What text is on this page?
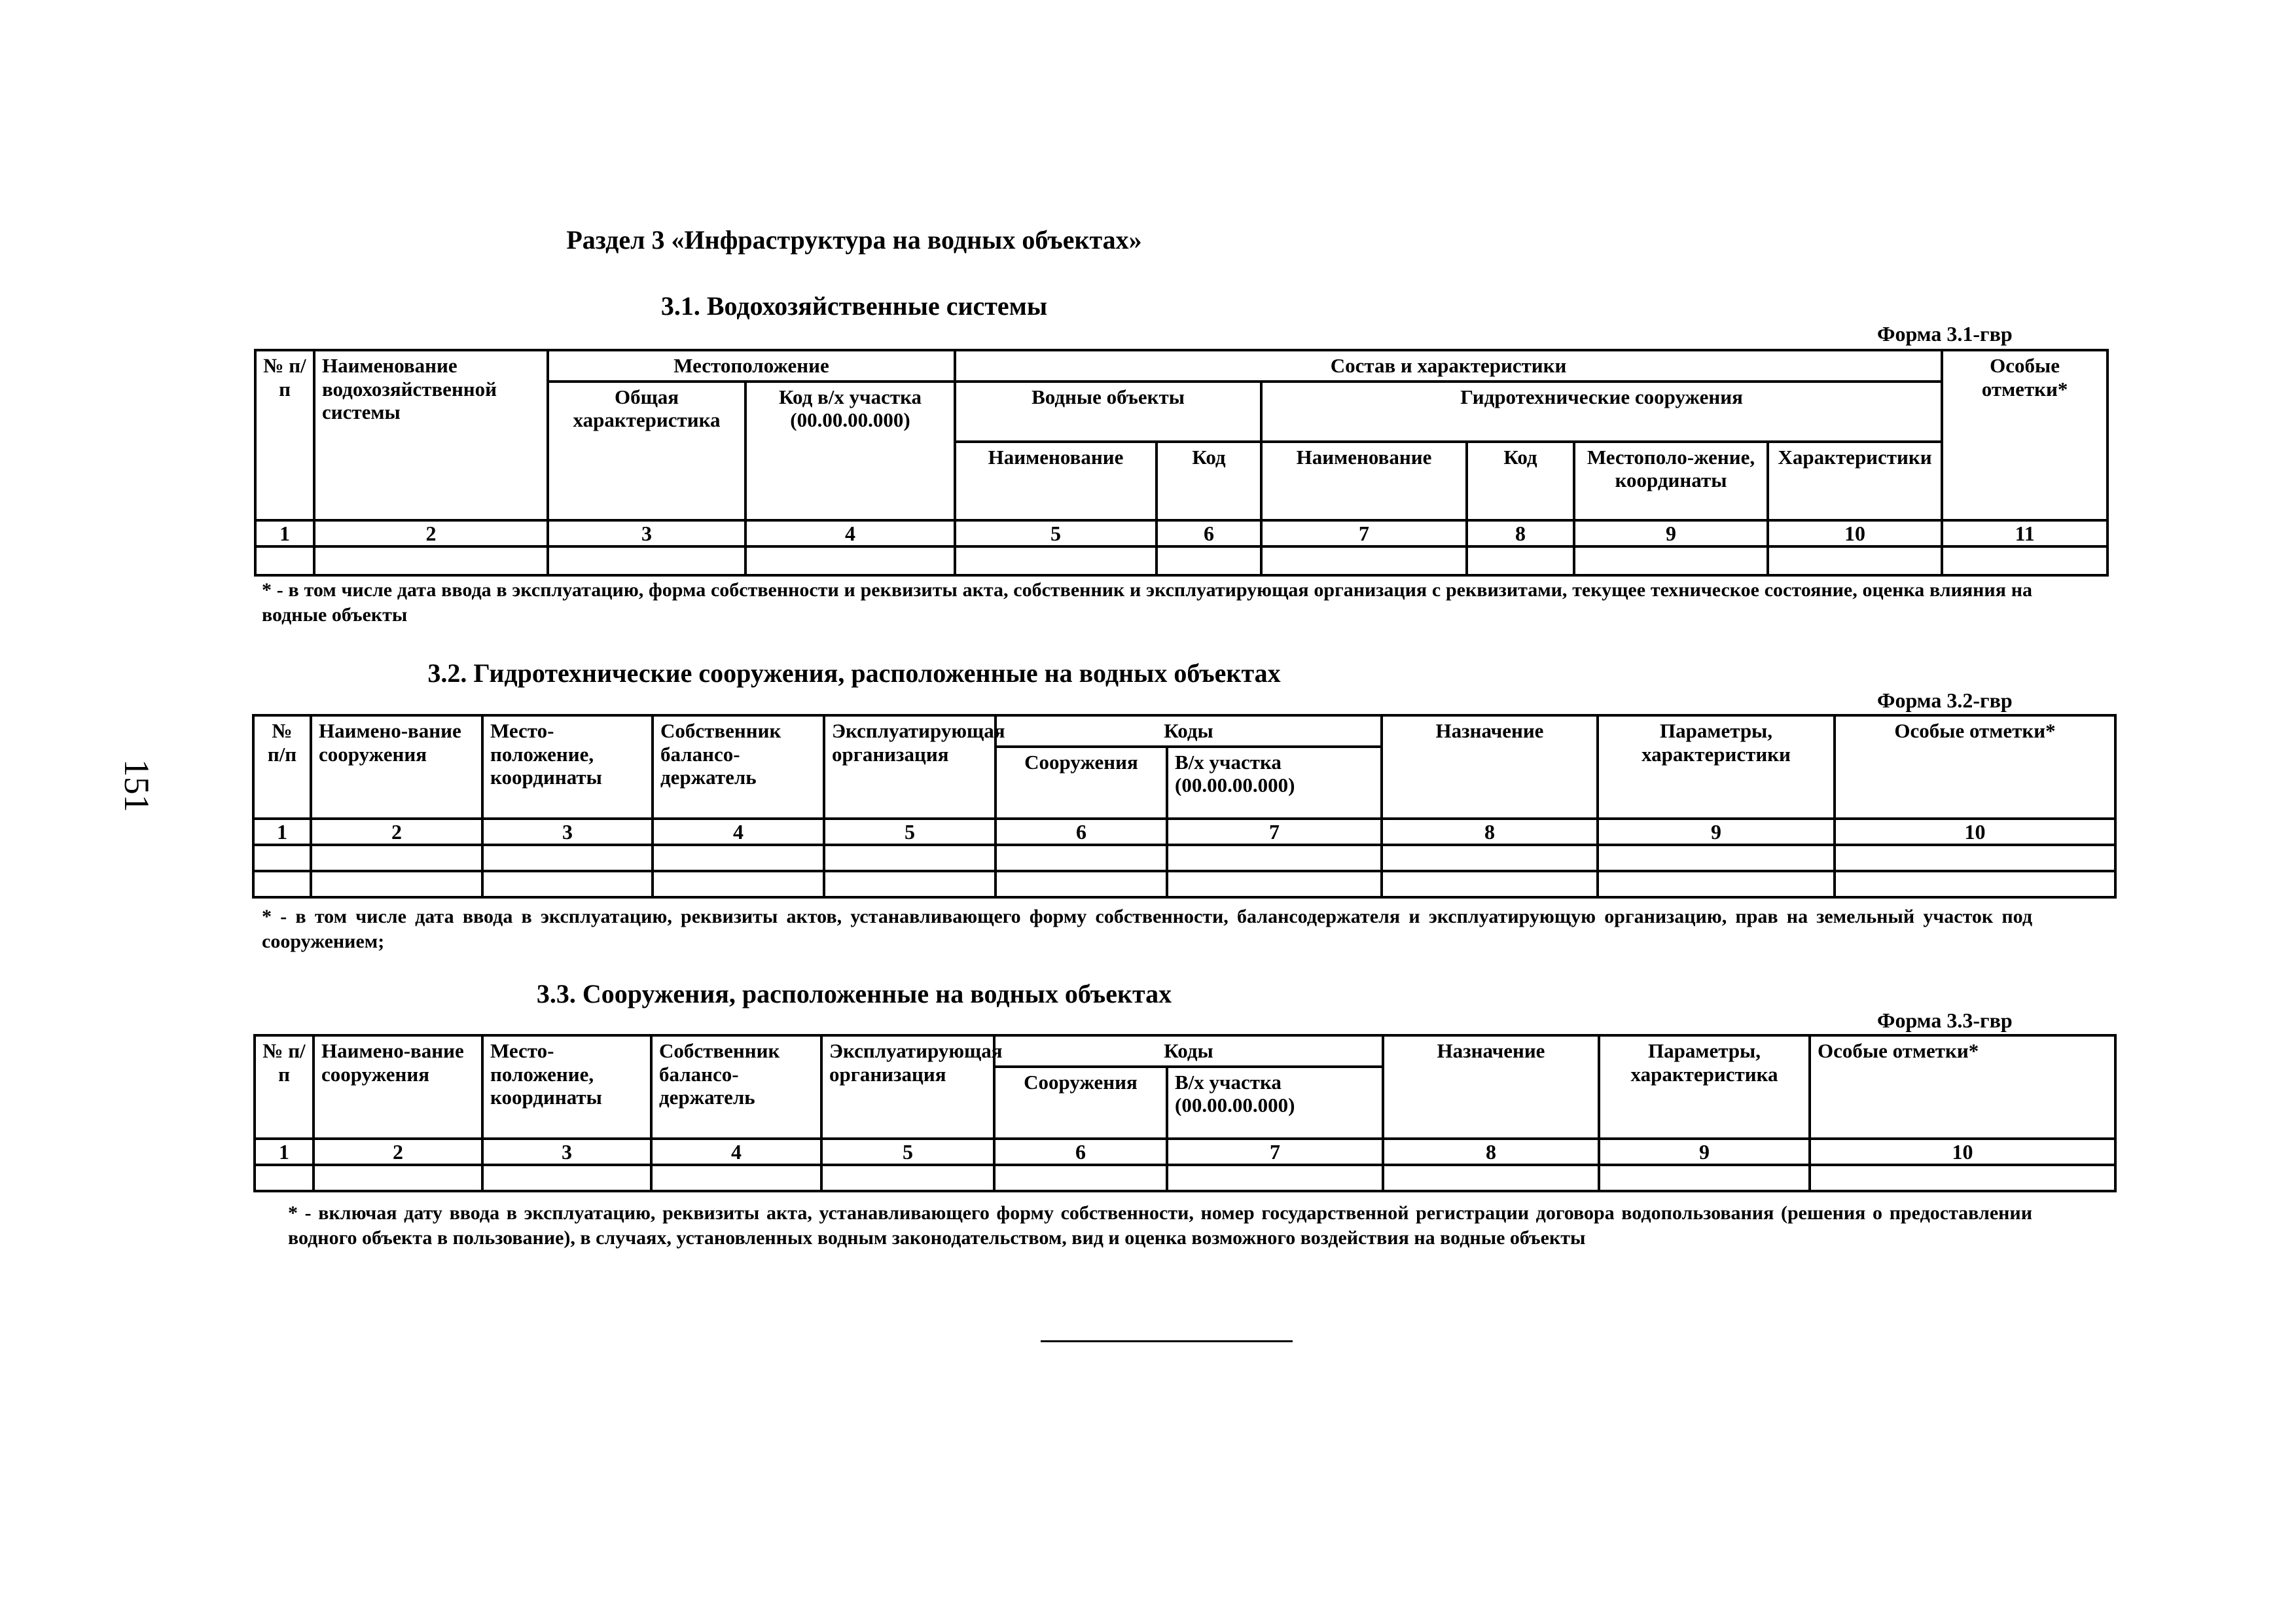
151
Раздел 3 «Инфраструктура на водных объектах»
3.1. Водохозяйственные системы
Форма 3.1-гвр
№ п/п	Наименование водохозяйственной системы	Местоположение		Состав и характеристики						Особые отметки*
		Общая характеристика	Код в/х участка (00.00.00.000)	Водные объекты		Гидротехнические сооружения				
				Наименование	Код	Наименование	Код	Местополо-жение, координаты	Характеристики	
1	2	3	4	5	6	7	8	9	10	11

* - в том числе дата ввода в эксплуатацию, форма собственности и реквизиты акта, собственник и эксплуатирующая организация с реквизитами, текущее техническое состояние, оценка влияния на водные объекты
3.2. Гидротехнические сооружения, расположенные на водных объектах
Форма 3.2-гвр
№ п/п	Наимено-вание сооружения	Место-положение, координаты	Собственник балансо-держатель	Эксплуатирующая организация	Коды		Назначение	Параметры, характеристики	Особые отметки*
					Сооружения	В/х участка (00.00.00.000)			
1	2	3	4	5	6	7	8	9	10

* - в том числе дата ввода в эксплуатацию, реквизиты актов, устанавливающего форму собственности, балансодержателя и эксплуатирующую организацию, прав на земельный участок под сооружением;
3.3. Сооружения, расположенные на водных объектах
Форма 3.3-гвр
№ п/п	Наимено-вание сооружения	Место-положение, координаты	Собственник балансо-держатель	Эксплуатирующая организация	Коды		Назначение	Параметры, характеристика	Особые отметки*
					Сооружения	В/х участка (00.00.00.000)			
1	2	3	4	5	6	7	8	9	10

* - включая дату ввода в эксплуатацию, реквизиты акта, устанавливающего форму собственности, номер государственной регистрации договора водопользования (решения о предоставлении водного объекта в пользование), в случаях, установленных водным законодательством, вид и оценка возможного воздействия на водные объекты
